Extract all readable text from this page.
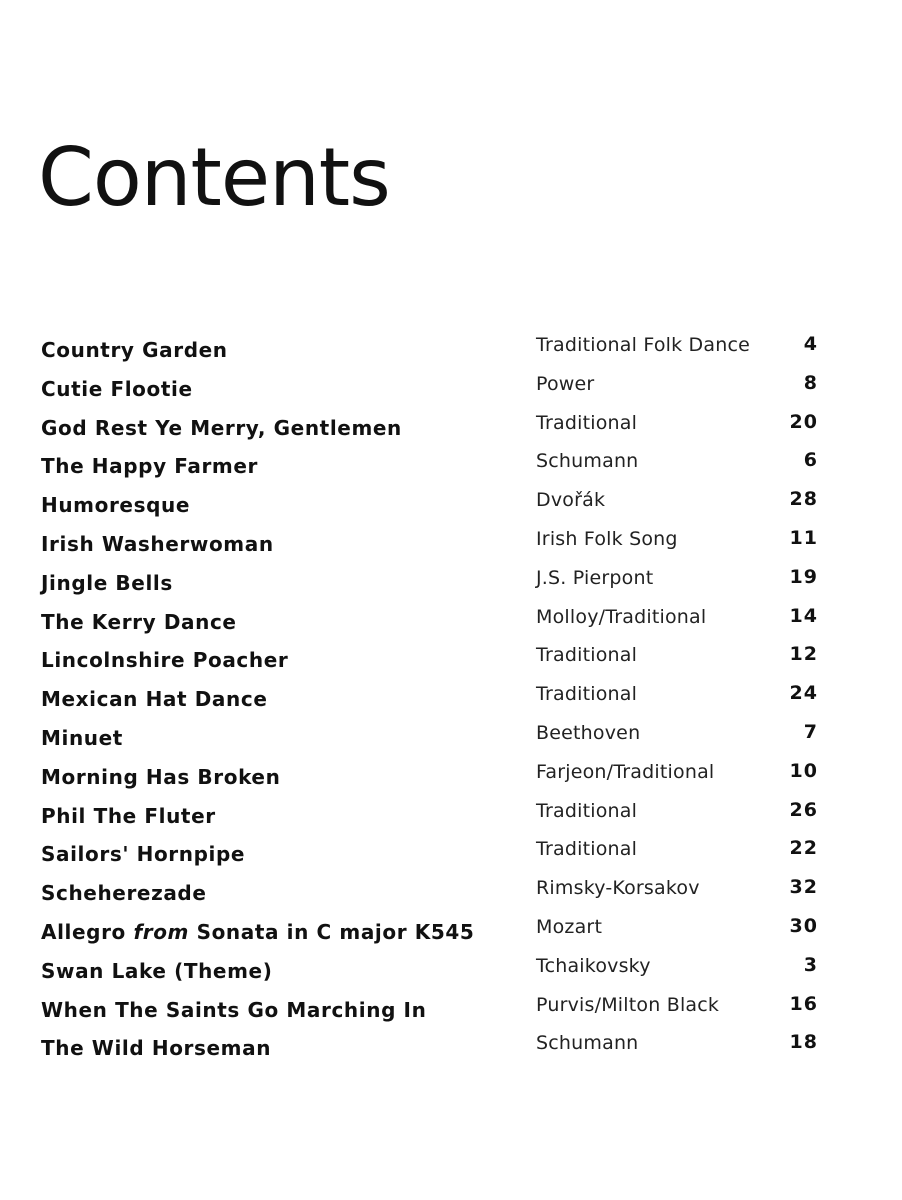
Contents
Country Garden	Traditional Folk Dance	4
Cutie Flootie	Power	8
God Rest Ye Merry, Gentlemen	Traditional	20
The Happy Farmer	Schumann	6
Humoresque	Dvořák	28
Irish Washerwoman	Irish Folk Song	11
Jingle Bells	J.S. Pierpont	19
The Kerry Dance	Molloy/Traditional	14
Lincolnshire Poacher	Traditional	12
Mexican Hat Dance	Traditional	24
Minuet	Beethoven	7
Morning Has Broken	Farjeon/Traditional	10
Phil The Fluter	Traditional	26
Sailors' Hornpipe	Traditional	22
Scheherezade	Rimsky-Korsakov	32
Allegro from Sonata in C major K545	Mozart	30
Swan Lake (Theme)	Tchaikovsky	3
When The Saints Go Marching In	Purvis/Milton Black	16
The Wild Horseman	Schumann	18
